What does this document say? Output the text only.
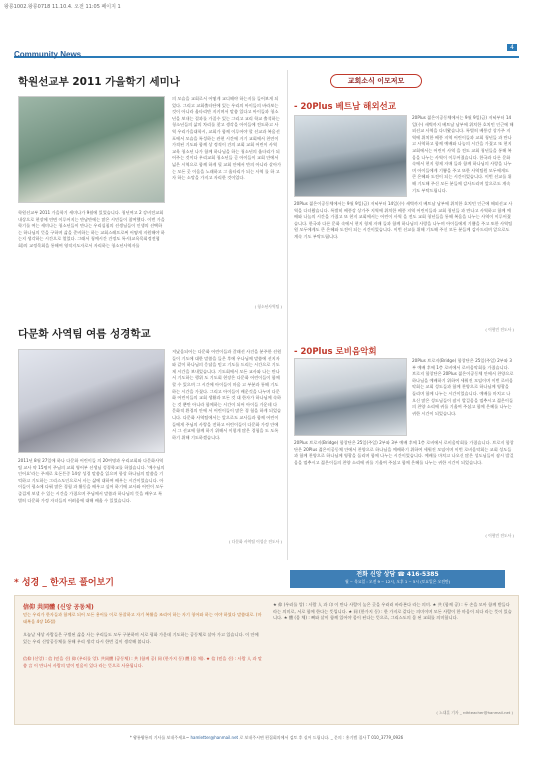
왕릉1002.왕릉0718 11.10.4. 오전 11:05 페이지 1
Community News
4
학원선교부 2011 가을학기 세미나
학원선교부 2011 가을학기 세미나가 9월에 있었습니다. 청년여고 2 강비전교회 내상으로 현장에 연면 이루어지는 만남만에는 많은 시민들이 참여했다. 이번 가을학기를 여는 세미나는 청소년들이 만나는 우리십침의 선생님들이 인생의 선택하는 하나님의 뜻을 구하며 삶을 준비하는 하는 교회스레프로써 어떻게 지원해야 하는지 생각하는 시간으로 열었다. 그래서 청예시간 건정도 특시(교육목회정전협회)의 교정목회을 통해여 영적지도자로서 자리하는 청소년사역자를
의 모습을 교회로서 어떻게 교디해야 하는지를 들어보게 되었다. 그리고 교회출타단에 있는 우리의 아이들의 바라보는것이 아니라 울타리만 지키며서 말씀 있다고 아이들과 청소년을 보내는 결과를 가질수 있는 그리고 교리 학교 출석하는 청소년들의 삶의 차리를 찾고 생각을 아이들에 전도하고 사역 우리가을대학시, 교회가 함께 이루어야 할 선교과 복음선포에서 모습을 특성하는 관현 시간에 거기 교회에서 천연이 가격된 기도와 함께 상 정적이 건의 교회 교회 어린이 사역 교육 청소년 나가 함께 하나님을 하는 청소년의 울타리가 되어주는 것이다 우리교회 청소년들 곧 아이들이 교회 안에서 넓은 시역으로 함께 하게 될 교회 안에서 만의 아니라 살아가는 모든 곳 이음을 노래하고 그 울타리가 되는 사역 를 하 고자 하는 소망을 가지고 자리한 것이었다.
( 청소년사역팀 )
다문화 사역팀 여름 성경학교
2011년 8월 27일에 하나 다문화 어린이들 의 20여명과 우리교회와 다문화사역팀 교사 약 15명이 주님의 교회 영어부 선생님 성경학교를 하였습니다. '예수님의 인어요'라는 주제로 호돈튼중 14장 성경 말씀을 읽으며 항상 하나님의 말씀을 기억하고 기도하는 그리스도인으로서 사는 삶에 대하여 배우는 시간이었습니다. 아이들이 평소에 다뤄 많은 경험 과 활동을 배우고 싶어 하기에 교사와 어린이 모두 즐겁게 보낼 수 있는 시간을 가졌으며 주님께서 말씀과 하나님의 뜻을 배우고 특별히 다문화 가정 자녀들의 어려움에 대해 배울 수 있었습니다.
져났음되어는 다문화 어린이들과 갈래선 사건을 분주한 선원들이 기도에 대한 말씀을 들은 후에 우나님께 말씀에 선지자와 같이 하나님의 응답을 믿고 기도를 드리는 시간으로 기도제 시간을 보내었습니다. 기도회에서 모든 교사와 나는 만나서 기도하는 행위 도 기도회 현장은 다문화 어린이들이 함께 할 수 있으며 그 시간에 아이들이 마음 고 부분과 통해 기도하는 시간을 가졌다. 그리고 아이들이 배운것을 나누며 다문화 어린이들의 교회 생활과 모든 것 대 한자가 하나님께 속하는 것 뿐만 아니라 함께하는 시간이 되어 아이들 가운데 다 문화적 환경의 안에 서 어린이들이 많은 경 험을 하게 되었습니다. 다문화 사역팀에서는 앞으로도 교사들과 함께 어린이들에게 주님의 사랑을 전하고 어린이들이 다문화 가정 안에서 그 선교에 함께 하기 위해서 이렇게 많은 경험을 도 도록하기 위해 기도하겠습니다.
( 다문화 사역팀 이성순 전도사 )
교회소식 이모저모
- 20Plus 베트남 해외선교
20Plus 젊은이공동체에서는 9월 9일(금) 저녁부터 14일(수) 새벽까지 베트남 남부에 위치한 호치민 인근에 해외선교 사역을 다녀왔습니다. 특별히 베풍강 상가주 지역에 위치한 베풍 지역 어린이들과 교회 청년들 과 만나고 사역하고 함께 예배와 나눔의 시간을 가졌고 또 현지 교회에서는 어린이 사역 을 전도 교회 청년들을 통해 복음을 나누는 사역이 이루어졌습니다. 한국과 다른 문화 속에서 현지 형제 자매 들과 함께 하나님의 사랑을 나누며 아이들에게 기쁨을 주고 또한 사역팀원 모두에게도 큰 은혜와 도전이 되는 시간이었습니다. 이번 선교를 위해 기도해 주신 모든 분들께 감사드리며 앞으로도 계속 기도 부탁드립니다.
20Plus 젊은이공동체에서는 9월 9일(금) 저녁부터 14일(수) 새벽까지 베트남 남부에 위치한 호치민 인근에 해외선교 사역을 다녀왔습니다. 특별히 베풍강 상가주 지역에 위치한 베풍 지역 어린이들과 교회 청년들 과 만나고 사역하고 함께 예배와 나눔의 시간을 가졌고 또 현지 교회에서는 어린이 사역 을 전도 교회 청년들을 통해 복음을 나누는 사역이 이루어졌습니다. 한국과 다른 문화 속에서 현지 형제 자매 들과 함께 하나님의 사랑을 나누며 아이들에게 기쁨을 주고 또한 사역팀원 모두에게도 큰 은혜와 도전이 되는 시간이었습니다. 이번 선교를 위해 기도해 주신 모든 분들께 감사드리며 앞으로도 계속 기도 부탁드립니다.
( 이형민 전도사 )
- 20Plus 로비음악회
20Plus 브로지(Bridge) 합창단은 25일(주일) 2부와 3부 예배 후에 1층 로비에서 로비음악회를 가졌습니다. 브로지 합창단은 20Plus 젊은이공동체 안에서 찬양으로 하나님을 예배하기 위하여 세워진 모임이며 이번 로비음악회는 교회 성도들과 함께 찬양으로 하나님께 영광을 돌리며 함께 나누는 시간이었습니다. 예배를 마치고 나오신 많은 성도님들이 잠시 발걸음을 멈추시고 젊은이들의 찬양 소리에 귀를 기울여 주셨고 함께 은혜를 나누는 귀한 시간이 되었습니다.
20Plus 브로지(Bridge) 합창단은 25일(주일) 2부와 3부 예배 후에 1층 로비에서 로비음악회를 가졌습니다. 브로지 합창단은 20Plus 젊은이공동체 안에서 찬양으로 하나님을 예배하기 위하여 세워진 모임이며 이번 로비음악회는 교회 성도들과 함께 찬양으로 하나님께 영광을 돌리며 함께 나누는 시간이었습니다. 예배를 마치고 나오신 많은 성도님들이 잠시 발걸음을 멈추시고 젊은이들의 찬양 소리에 귀를 기울여 주셨고 함께 은혜를 나누는 귀한 시간이 되었습니다.
( 이형민 전도사 )
* 성경 _ 한자로 풀어보기
전화 신앙 상담 ☎ 416-5385
월 ~ 목요일 : 오전 9 ~ 12시, 오후 1 ~ 5시 (토요일은 오전만)
信仰 共同體 (신앙 공동체)
믿는 우리가 한자들과 함께로 되어 모든 용어를 이로 통찰하고 자기 복활을 조리어 하는 자기 청어와 하는 이야 하였다 말씀대로. (마태복음 4장 16절)
오늘날 세상 사람들은 구별된 삶을 사는 우리들도 모두 구분하며 서로 평화 가운데 기도하는 공동체로 살아 가고 있습니다. 이 안에 있는 우리 신앙공동체를 통해 우리 생각 다시 한번 깊이 생각해 봅니다.
信仰 (신앙) : 信 (믿을 신) 仰 (우러를 앙). 共同體 (공동체) : 共 (함께 공) 同 (한가지 동) 體 (몸 체). ★ 信 (믿을 신) : 사람 人 과 말씀 言 이 만나서 사람의 말이 믿음이 있다 라는 뜻으로 사용됩니다.
★ 仰 (우러를 앙) : 사람 人 과 卬 이 만나 사람이 높은 곳을 우러러 바라본다 라는 의미. ★ 共 (함께 공) : 두 손을 모아 함께 받들다 라는 의미로, 서로 함께 한다는 뜻입니다. ★ 同 (한가지 동) : 한 가지로 같다는 의미이며 모든 사람이 한 마음이 되다 라는 뜻이 있습니다. ★ 體 (몸 체) : 뼈와 살이 함께 있어야 몸이 된다는 뜻으로, 그리스도의 몸 된 교회를 의미합니다.
( 노대훈 기자 _ rdhteacher@hanmail.net )
* 왕릉왕릉의 기사를 보내주세요~ hamletter@hanmail.net 로 보내주시면 편집회의에서 검토 후 실어 드립니다. _ 문의 : 홍기범 집사 T 010_3779_0926
